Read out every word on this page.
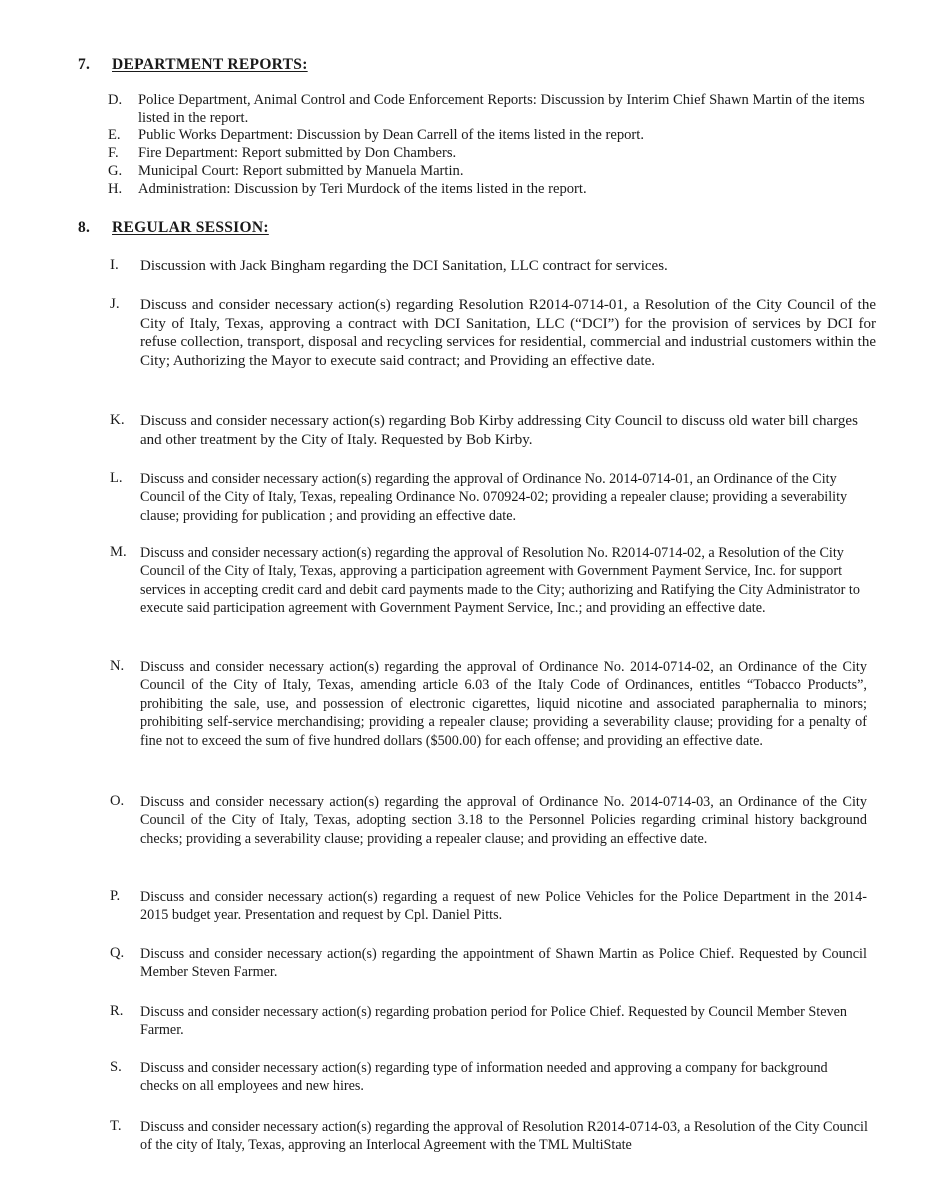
7. DEPARTMENT REPORTS:
D.	Police Department, Animal Control and Code Enforcement Reports: Discussion by Interim Chief Shawn Martin of the items listed in the report.
E.	Public Works Department: Discussion by Dean Carrell of the items listed in the report.
F.	Fire Department: Report submitted by Don Chambers.
G.	Municipal Court: Report submitted by Manuela Martin.
H.	Administration: Discussion by Teri Murdock of the items listed in the report.
8. REGULAR SESSION:
I.	Discussion with Jack Bingham regarding the DCI Sanitation, LLC contract for services.
J.	Discuss and consider necessary action(s) regarding Resolution R2014-0714-01, a Resolution of the City Council of the City of Italy, Texas, approving a contract with DCI Sanitation, LLC (“DCI”) for the provision of services by DCI for refuse collection, transport, disposal and recycling services for residential, commercial and industrial customers within the City; Authorizing the Mayor to execute said contract; and Providing an effective date.
K.	Discuss and consider necessary action(s) regarding Bob Kirby addressing City Council to discuss old water bill charges and other treatment by the City of Italy. Requested by Bob Kirby.
L.	Discuss and consider necessary action(s) regarding the approval of Ordinance No. 2014-0714-01, an Ordinance of the City Council of the City of Italy, Texas, repealing Ordinance No. 070924-02; providing a repealer clause; providing a severability clause; providing for publication ; and providing an effective date.
M. Discuss and consider necessary action(s) regarding the approval of Resolution No. R2014-0714-02, a Resolution of the City Council of the City of Italy, Texas, approving a participation agreement with Government Payment Service, Inc. for support services in accepting credit card and debit card payments made to the City; authorizing and Ratifying the City Administrator to execute said participation agreement with Government Payment Service, Inc.; and providing an effective date.
N.	Discuss and consider necessary action(s) regarding the approval of Ordinance No. 2014-0714-02, an Ordinance of the City Council of the City of Italy, Texas, amending article 6.03 of the Italy Code of Ordinances, entitles “Tobacco Products”, prohibiting the sale, use, and possession of electronic cigarettes, liquid nicotine and associated paraphernalia to minors; prohibiting self-service merchandising; providing a repealer clause; providing a severability clause; providing for a penalty of fine not to exceed the sum of five hundred dollars ($500.00) for each offense; and providing an effective date.
O.	Discuss and consider necessary action(s) regarding the approval of Ordinance No. 2014-0714-03, an Ordinance of the City Council of the City of Italy, Texas, adopting section 3.18 to the Personnel Policies regarding criminal history background checks; providing a severability clause; providing a repealer clause; and providing an effective date.
P.	Discuss and consider necessary action(s) regarding a request of new Police Vehicles for the Police Department in the 2014-2015 budget year. Presentation and request by Cpl. Daniel Pitts.
Q.	Discuss and consider necessary action(s) regarding the appointment of Shawn Martin as Police Chief. Requested by Council Member Steven Farmer.
R.	Discuss and consider necessary action(s) regarding probation period for Police Chief. Requested by Council Member Steven Farmer.
S.	Discuss and consider necessary action(s) regarding type of information needed and approving a company for background checks on all employees and new hires.
T.	Discuss and consider necessary action(s) regarding the approval of Resolution R2014-0714-03, a Resolution of the City Council of the city of Italy, Texas, approving an Interlocal Agreement with the TML MultiState
